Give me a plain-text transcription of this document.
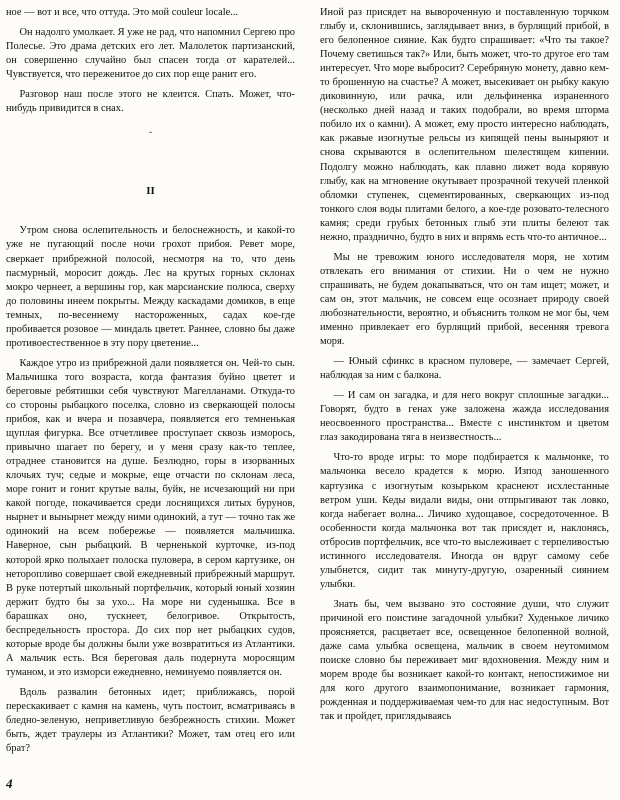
ное — вот и все, что оттуда. Это мой couleur locale...

Он надолго умолкает. Я уже не рад, что напомнил Сергею про Полесье. Это драма детских его лет. Малолеток партизанский, он совершенно случайно был спасен тогда от карателей... Чувствуется, что переженитое до сих пор еще ранит его.

Разговор наш после этого не клеится. Спать. Может, что-нибудь привидится в снах.

˘
II

Утром снова ослепительность и белоснежность, и какой-то уже не пугающий после ночи грохот прибоя. Ревет море, сверкает прибрежной полосой, несмотря на то, что день пасмурный, моросит дождь. Лес на крутых горных склонах мокро чернеет, а вершины гор, как марсианские полюса, сверху до половины инеем покрыты. Между каскадами домиков, в еще темных, по-весеннему настороженных, садах кое-где пробивается розовое — миндаль цветет. Раннее, словно бы даже противоестественное в эту пору цветение...

Каждое утро из прибрежной дали появляется он. Чей-то сын. Мальчишка того возраста, когда фантазия буйно цветет и береговые ребятишки себя чувствуют Магелланами. Откуда-то со стороны рыбацкого поселка, словно из сверкающей полосы прибоя, как и вчера и позавчера, появляется его темненькая щуплая фигурка. Все отчетливее проступает сквозь изморось, привычно шагает по берегу, и у меня сразу как-то теплее, отраднее становится на душе. Безлюдно, горы в изорванных клочьях туч; седые и мокрые, еще отчасти по склонам леса, море гонит и гонит крутые валы, буйк, не исчезающий ни при какой погоде, покачивается среди лоснящихся литых бурунов, нырнет и вынырнет между ними одинокий, а тут — точно так же одинокий на всем побережье — появляется мальчишка. Наверное, сын рыбацкий. В черненькой курточке, из-под которой ярко полыхает полоска пуловера, в сером картузике, он неторопливо совершает свой ежедневный прибрежный маршрут. В руке потертый школьный портфельчик, который юный хозяин держит будто бы за ухо... На море ни суденышка. Все в барашках оно, тускнеет, белогривое. Открытость, беспредельность простора. До сих пор нет рыбацких судов, которые вроде бы должны были уже возвратиться из Атлантики. А мальчик есть. Вся береговая даль подернута моросящим туманом, и это изморси ежедневно, неминуемо появляется он.

Вдоль развалин бетонных идет; приближаясь, порой перескакивает с камня на камень, чуть постоит, всматриваясь в бледно-зеленую, неприветливую безбрежность стихии. Может быть, ждет траулеры из Атлантики? Может, там отец его или брат?

Иной раз присядет на вывороченную и поставленную торчком глыбу и, склонившись, заглядывает вниз, в бурлящий прибой, в его белопенное сияние. Как будто спрашивает: «Что ты такое? Почему светишься так?» Или, быть может, что-то другое его там интересует. Что море выбросит? Серебряную монету, давно кем-то брошенную на счастье? А может, высекивает он рыбку какую диковинную, или рачка, или дельфиненка израненного (несколько дней назад и таких подобрали, во время шторма побило их о камни). А может, ему просто интересно наблюдать, как ржавые изогнутые рельсы из кипящей пены выныряют и снова скрываются в ослепительном шелестящем кипении. Подолгу можно наблюдать, как плавно лижет вода корявую глыбу, как на мгновение окутывает прозрачной текучей пленкой обломки ступенек, сцементированных, сверкающих из-под тонкого слоя воды плитами белого, а кое-где розовато-телесного камня; среди грубых бетонных глыб эти плиты белеют так нежно, празднично, будто в них и впрямь есть что-то античное...

Мы не тревожим юного исследователя моря, не хотим отвлекать его внимания от стихии. Ни о чем не нужно спрашивать, не будем докапываться, что он там ищет; может, и сам он, этот мальчик, не совсем еще осознает природу своей любознательности, вероятно, и объяснить толком не мог бы, чем именно привлекает его бурлящий прибой, весенняя тревога моря.

— Юный сфинкс в красном пуловере, — замечает Сергей, наблюдая за ним с балкона.

— И сам он загадка, и для него вокруг сплошные загадки... Говорят, будто в генах уже заложена жажда исследования неосвоенного пространства... Вместе с инстинктом и цветом глаз закодирована тяга в неизвестность...

Что-то вроде игры: то море подбирается к мальчонке, то мальчонка весело крадется к морю. Изпод заношенного картузика с изогнутым козырьком краснеют исхлестанные ветром уши. Кеды видали виды, они отпрыгивают так ловко, когда набегает волна... Личико худощавое, сосредоточенное. В особенности когда мальчонка вот так присядет и, наклонясь, отбросив портфельчик, все что-то выслеживает с терпеливостью истинного исследователя. Иногда он вдруг самому себе улыбнется, сидит так минуту-другую, озаренный сиянием улыбки.

Знать бы, чем вызвано это состояние души, что служит причиной его поистине загадочной улыбки? Худенькое личико проясняется, расцветает все, освещенное белопенной волной, даже сама улыбка освещена, мальчик в своем неутомимом поиске словно бы переживает миг вдохновения. Между ним и морем вроде бы возникает какой-то контакт, непостижимое ни для кого другого взаимопонимание, возникает гармония, рожденная и поддерживаемая чем-то для нас недоступным. Вот так и пройдет, приглядываясь

4
